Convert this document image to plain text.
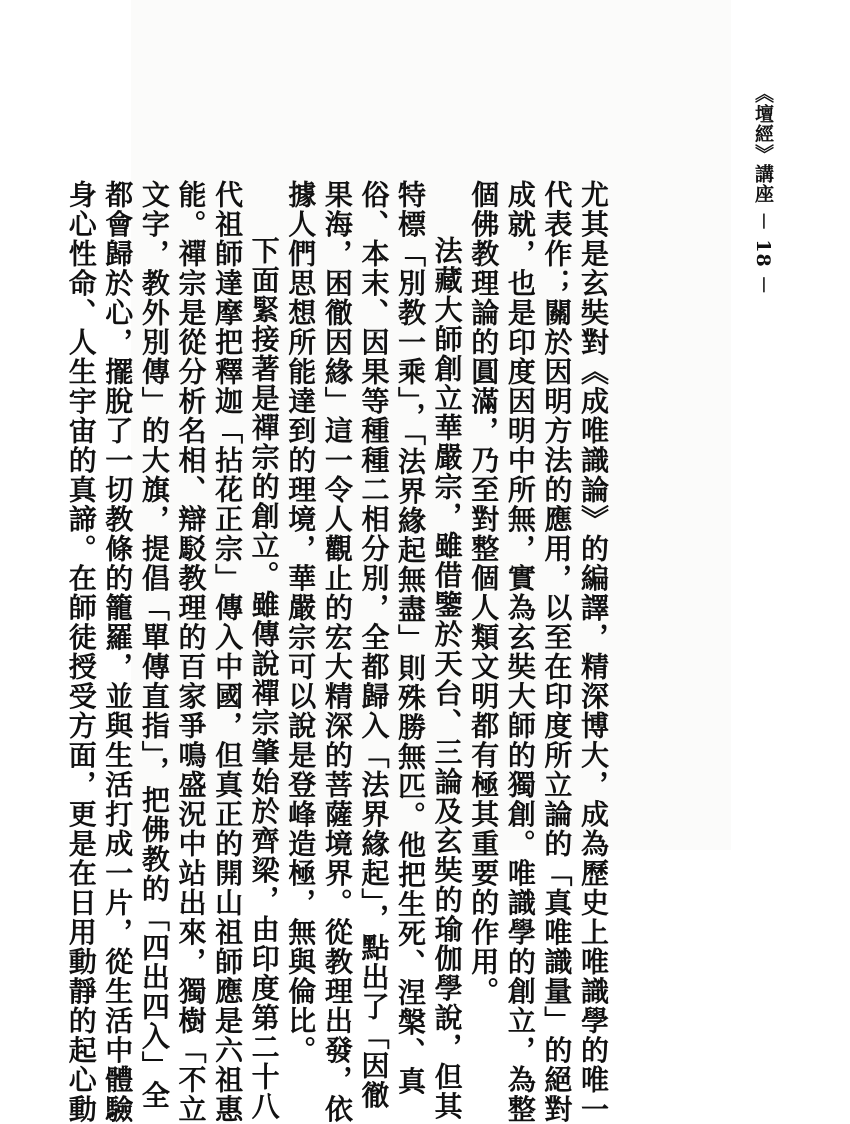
《壇經》講座 － 18 －
尤其是玄奘對《成唯識論》的編譯，精深博大，成為歷史上唯識學的唯一
代表作；關於因明方法的應用，以至在印度所立論的「真唯識量」的絕對
成就，也是印度因明中所無，實為玄奘大師的獨創。唯識學的創立，為整
個佛教理論的圓滿，乃至對整個人類文明都有極其重要的作用。
法藏大師創立華嚴宗，雖借鑒於天台、三論及玄奘的瑜伽學說，但其
特標「別教一乘」，「法界緣起無盡」則殊勝無匹。他把生死、涅槃、真
俗、本末、因果等種種二相分別，全都歸入「法界緣起」，點出了「因徹
果海，困徹因緣」這一令人觀止的宏大精深的菩薩境界。從教理出發，依
據人們思想所能達到的理境，華嚴宗可以說是登峰造極，無與倫比。
下面緊接著是禪宗的創立。雖傳說禪宗肇始於齊梁，由印度第二十八
代祖師達摩把釋迦「拈花正宗」傳入中國，但真正的開山祖師應是六祖惠
能。禪宗是從分析名相、辯駁教理的百家爭鳴盛況中站出來，獨樹「不立
文字，教外別傳」的大旗，提倡「單傳直指」，把佛教的「四出四入」全
都會歸於心，擺脫了一切教條的籠羅，並與生活打成一片，從生活中體驗
身心性命、人生宇宙的真諦。在師徒授受方面，更是在日用動靜的起心動
